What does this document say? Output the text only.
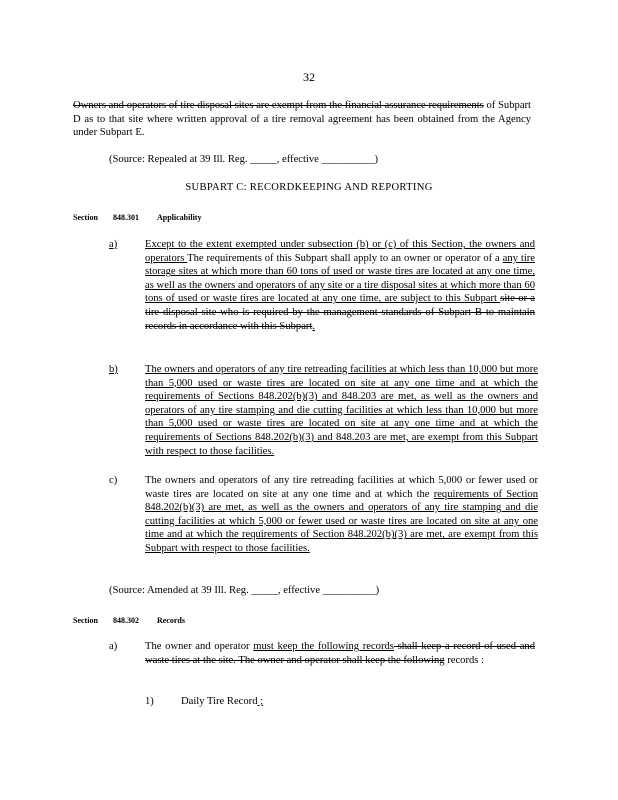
32
Owners and operators of tire disposal sites are exempt from the financial assurance requirements of Subpart D as to that site where written approval of a tire removal agreement has been obtained from the Agency under Subpart E.
(Source: Repealed at 39 Ill. Reg. _____, effective __________)
SUBPART C: RECORDKEEPING AND REPORTING
Section 848.301 Applicability
a)	Except to the extent exempted under subsection (b) or (c) of this Section, the owners and operators The requirements of this Subpart shall apply to an owner or operator of a any tire storage sites at which more than 60 tons of used or waste tires are located at any one time, as well as the owners and operators of any site or a tire disposal sites at which more than 60 tons of used or waste tires are located at any one time, are subject to this Subpart site or a tire disposal site who is required by the management standards of Subpart B to maintain records in accordance with this Subpart.
b)	The owners and operators of any tire retreading facilities at which less than 10,000 but more than 5,000 used or waste tires are located on site at any one time and at which the requirements of Sections 848.202(b)(3) and 848.203 are met, as well as the owners and operators of any tire stamping and die cutting facilities at which less than 10,000 but more than 5,000 used or waste tires are located on site at any one time and at which the requirements of Sections 848.202(b)(3) and 848.203 are met, are exempt from this Subpart with respect to those facilities.
c)	The owners and operators of any tire retreading facilities at which 5,000 or fewer used or waste tires are located on site at any one time and at which the requirements of Section 848.202(b)(3) are met, as well as the owners and operators of any tire stamping and die cutting facilities at which 5,000 or fewer used or waste tires are located on site at any one time and at which the requirements of Section 848.202(b)(3) are met, are exempt from this Subpart with respect to those facilities.
(Source: Amended at 39 Ill. Reg. _____, effective __________)
Section 848.302 Records
a)	The owner and operator must keep the following records shall keep a record of used and waste tires at the site. The owner and operator shall keep the following records :
1)	Daily Tire Record ;
